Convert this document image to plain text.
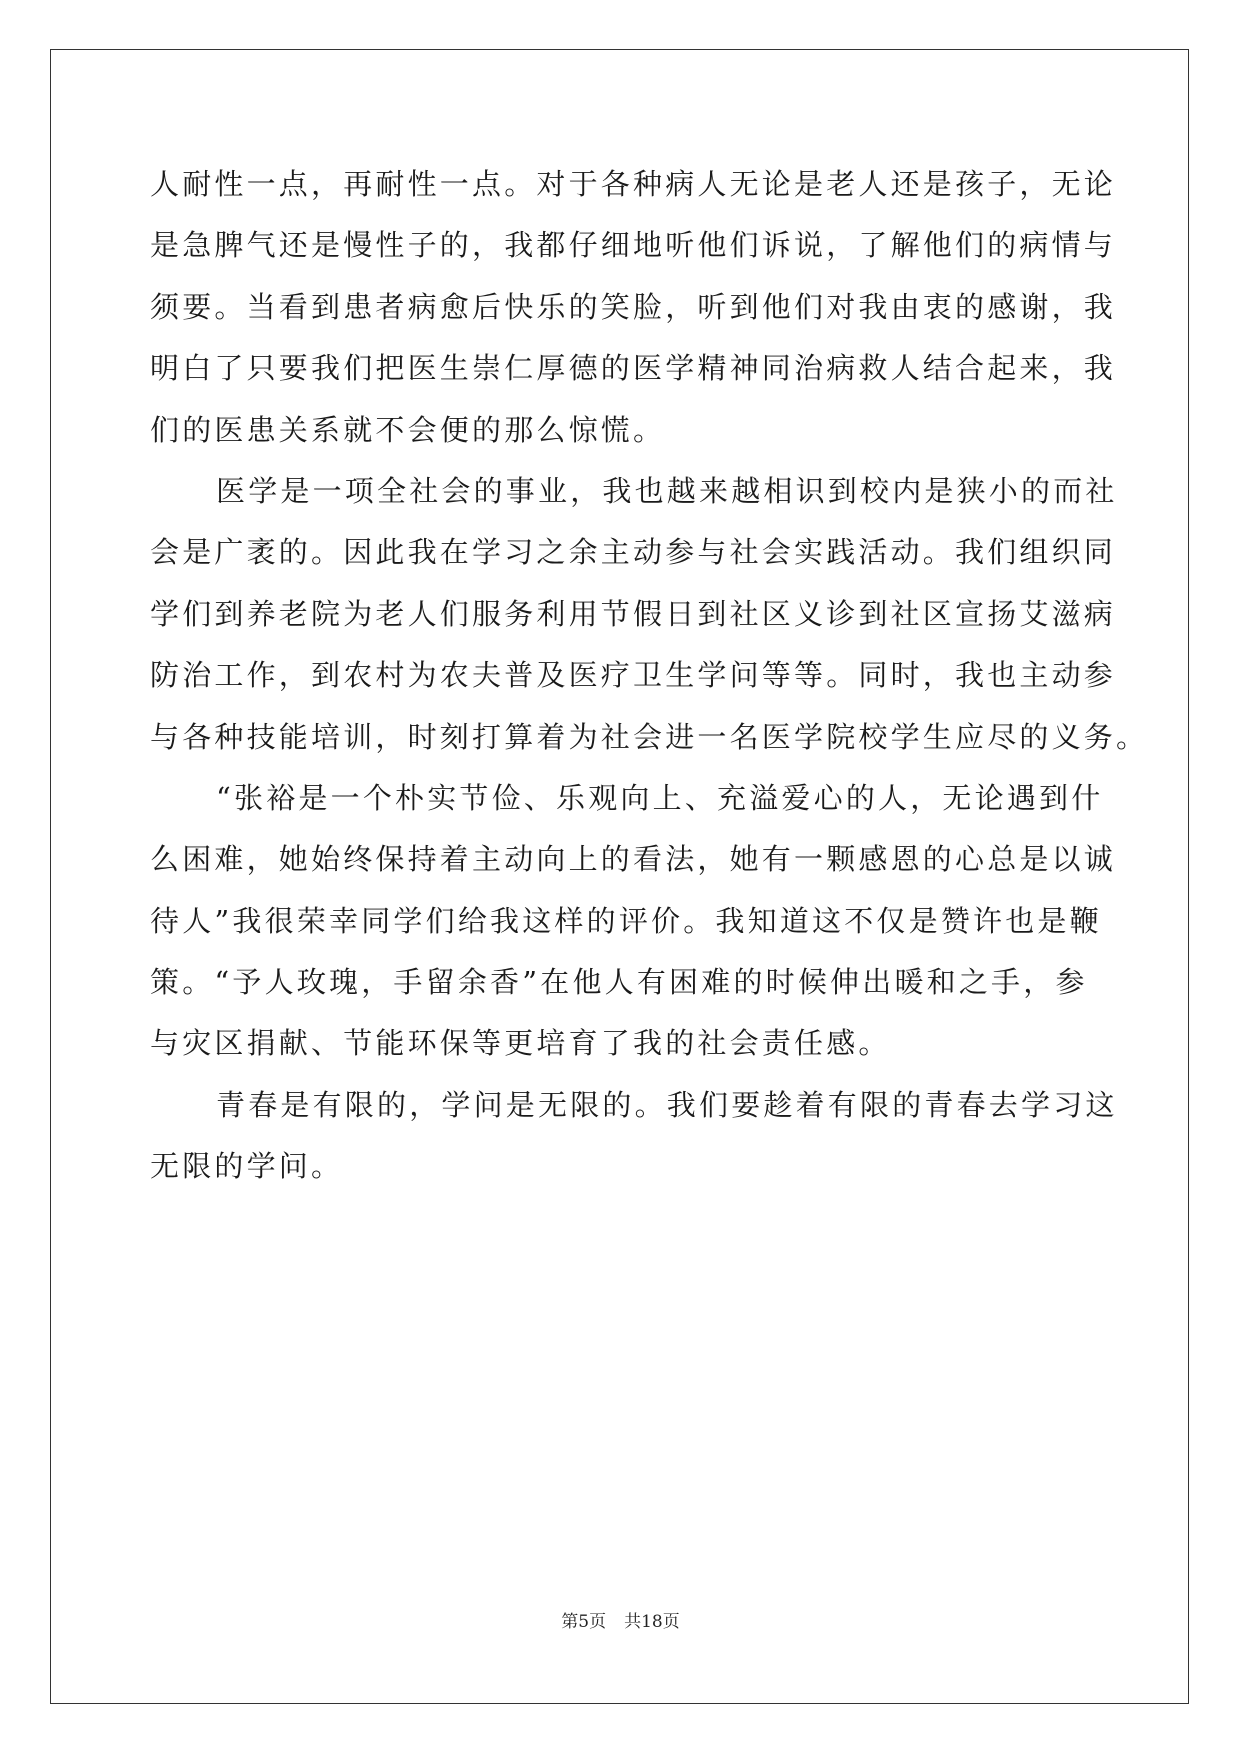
人耐性一点，再耐性一点。对于各种病人无论是老人还是孩子，无论
是急脾气还是慢性子的，我都仔细地听他们诉说，了解他们的病情与
须要。当看到患者病愈后快乐的笑脸，听到他们对我由衷的感谢，我
明白了只要我们把医生崇仁厚德的医学精神同治病救人结合起来，我
们的医患关系就不会便的那么惊慌。
医学是一项全社会的事业，我也越来越相识到校内是狭小的而社
会是广袤的。因此我在学习之余主动参与社会实践活动。我们组织同
学们到养老院为老人们服务利用节假日到社区义诊到社区宣扬艾滋病
防治工作，到农村为农夫普及医疗卫生学问等等。同时，我也主动参
与各种技能培训，时刻打算着为社会进一名医学院校学生应尽的义务。
“张裕是一个朴实节俭、乐观向上、充溢爱心的人，无论遇到什
么困难，她始终保持着主动向上的看法，她有一颗感恩的心总是以诚
待人”我很荣幸同学们给我这样的评价。我知道这不仅是赞许也是鞭
策。“予人玫瑰，手留余香”在他人有困难的时候伸出暖和之手，参
与灾区捐献、节能环保等更培育了我的社会责任感。
青春是有限的，学问是无限的。我们要趁着有限的青春去学习这
无限的学问。
第5页 共18页
